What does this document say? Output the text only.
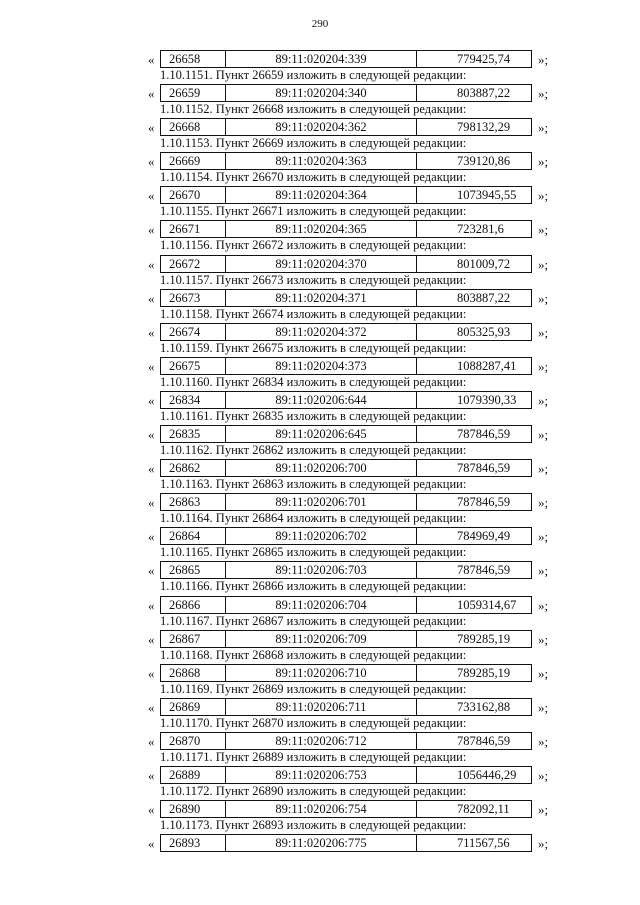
290
«	26658	89:11:020204:339	779425,74	»;
1.10.1151. Пункт 26659 изложить в следующей редакции:
«	26659	89:11:020204:340	803887,22	»;
1.10.1152. Пункт 26668 изложить в следующей редакции:
«	26668	89:11:020204:362	798132,29	»;
1.10.1153. Пункт 26669 изложить в следующей редакции:
«	26669	89:11:020204:363	739120,86	»;
1.10.1154. Пункт 26670 изложить в следующей редакции:
«	26670	89:11:020204:364	1073945,55	»;
1.10.1155. Пункт 26671 изложить в следующей редакции:
«	26671	89:11:020204:365	723281,6	»;
1.10.1156. Пункт 26672 изложить в следующей редакции:
«	26672	89:11:020204:370	801009,72	»;
1.10.1157. Пункт 26673 изложить в следующей редакции:
«	26673	89:11:020204:371	803887,22	»;
1.10.1158. Пункт 26674 изложить в следующей редакции:
«	26674	89:11:020204:372	805325,93	»;
1.10.1159. Пункт 26675 изложить в следующей редакции:
«	26675	89:11:020204:373	1088287,41	»;
1.10.1160. Пункт 26834 изложить в следующей редакции:
«	26834	89:11:020206:644	1079390,33	»;
1.10.1161. Пункт 26835 изложить в следующей редакции:
«	26835	89:11:020206:645	787846,59	»;
1.10.1162. Пункт 26862 изложить в следующей редакции:
«	26862	89:11:020206:700	787846,59	»;
1.10.1163. Пункт 26863 изложить в следующей редакции:
«	26863	89:11:020206:701	787846,59	»;
1.10.1164. Пункт 26864 изложить в следующей редакции:
«	26864	89:11:020206:702	784969,49	»;
1.10.1165. Пункт 26865 изложить в следующей редакции:
«	26865	89:11:020206:703	787846,59	»;
1.10.1166. Пункт 26866 изложить в следующей редакции:
«	26866	89:11:020206:704	1059314,67	»;
1.10.1167. Пункт 26867 изложить в следующей редакции:
«	26867	89:11:020206:709	789285,19	»;
1.10.1168. Пункт 26868 изложить в следующей редакции:
«	26868	89:11:020206:710	789285,19	»;
1.10.1169. Пункт 26869 изложить в следующей редакции:
«	26869	89:11:020206:711	733162,88	»;
1.10.1170. Пункт 26870 изложить в следующей редакции:
«	26870	89:11:020206:712	787846,59	»;
1.10.1171. Пункт 26889 изложить в следующей редакции:
«	26889	89:11:020206:753	1056446,29	»;
1.10.1172. Пункт 26890 изложить в следующей редакции:
«	26890	89:11:020206:754	782092,11	»;
1.10.1173. Пункт 26893 изложить в следующей редакции:
«	26893	89:11:020206:775	711567,56	»;
